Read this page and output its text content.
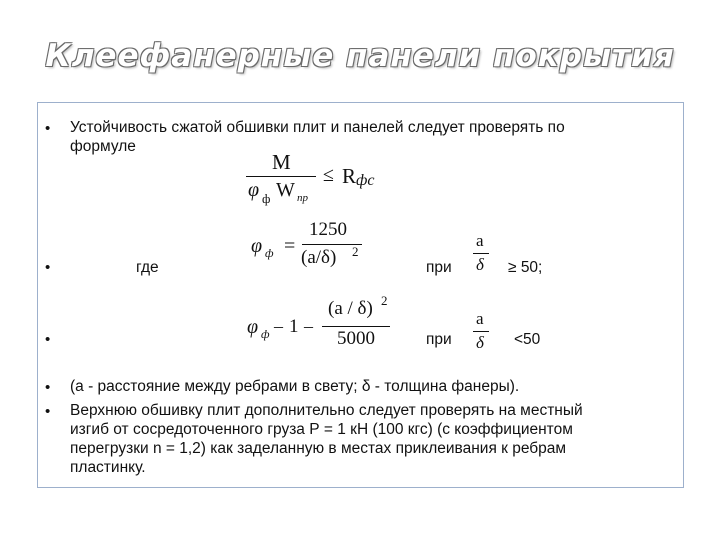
Клеефанерные панели покрытия
• Устойчивость сжатой обшивки плит и панелей следует проверять по
формуле
M
φ ф W пр
≤ R фс
•	где
φ ф =
1250
(a/δ) 2
при
a
δ ≥ 50;
•
φ ф – 1 –
(a / δ) 2
5000	при
a
δ <50
• (a - расстояние между ребрами в свету; δ - толщина фанеры).
• Верхнюю обшивку плит дополнительно следует проверять на местный
изгиб от сосредоточенного груза Р = 1 кН (100 кгс) (с коэффициентом
перегрузки n = 1,2) как заделанную в местах приклеивания к ребрам
пластинку.
